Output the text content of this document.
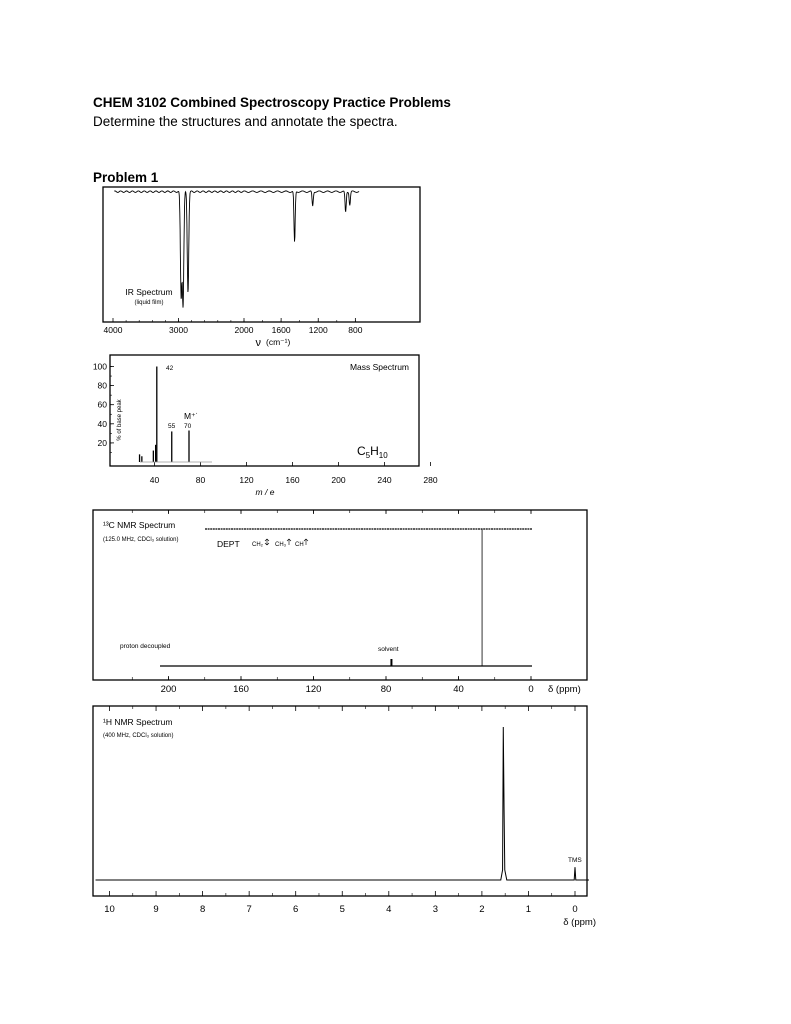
CHEM 3102 Combined Spectroscopy Practice Problems
Determine the structures and annotate the spectra.
Problem 1
4000	3000	2000 1600 1200 800
IR Spectrum
(liquid film)
ν (cm⁻¹)
100
80
60
40
20
40	80	120	160	200	240	280
Mass Spectrum
% of base peak
42
55 70
M⁺˙
$C_5H_{10}$
m / e
200	160	120	80	40	0
¹³C NMR Spectrum
(125.0 MHz, CDCl₃ solution)	DEPT CH₂ CH₃ CH
proton decoupled	solvent
δ (ppm)
10	9	8	7	6	5	4	3	2	1	0
¹H NMR Spectrum
(400 MHz, CDCl₃ solution)
TMS
δ (ppm)
